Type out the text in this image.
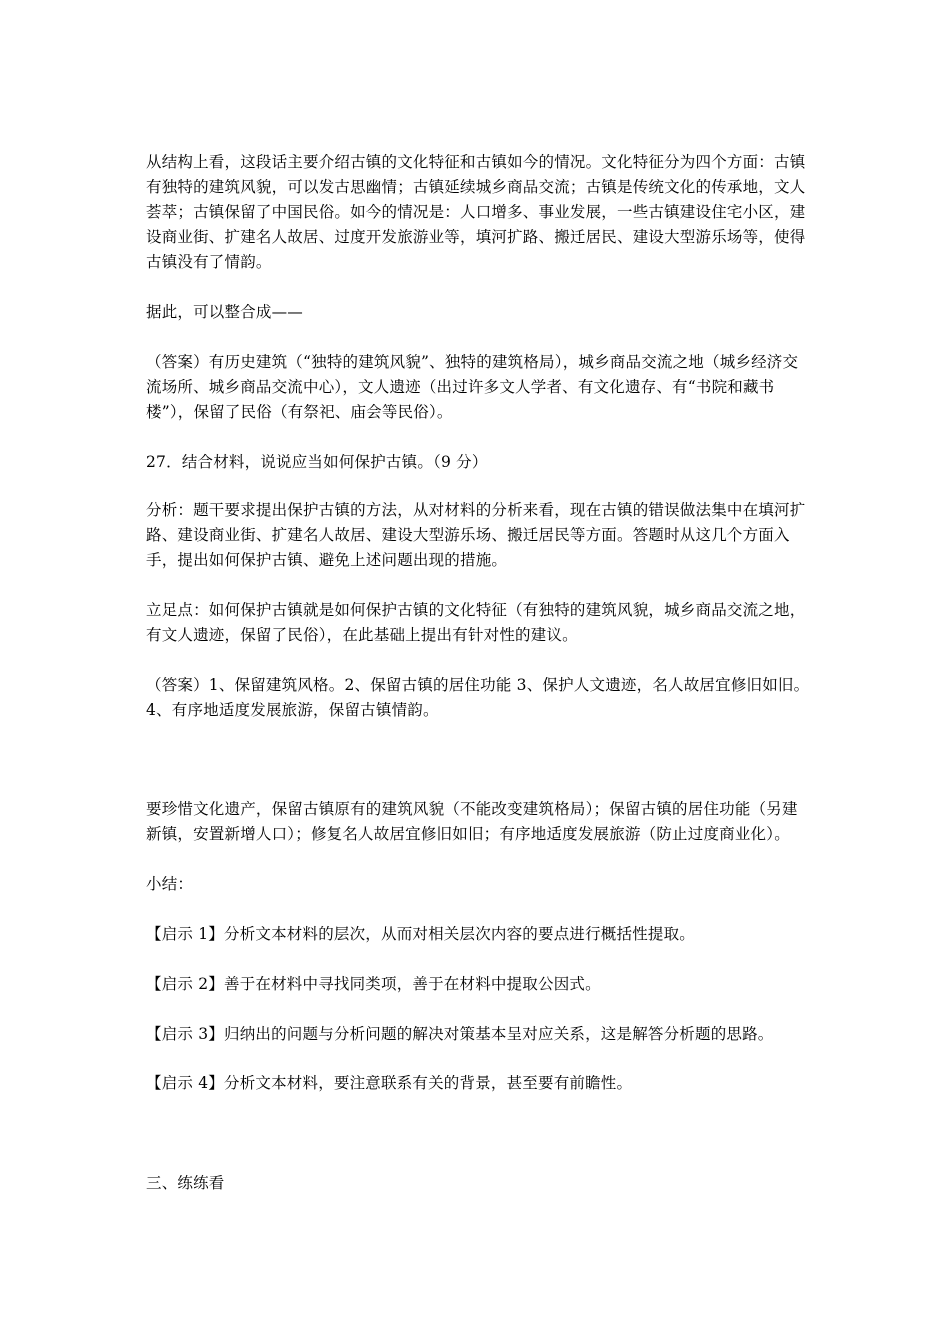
从结构上看，这段话主要介绍古镇的文化特征和古镇如今的情况。文化特征分为四个方面：古镇有独特的建筑风貌，可以发古思幽情；古镇延续城乡商品交流；古镇是传统文化的传承地，文人荟萃；古镇保留了中国民俗。如今的情况是：人口增多、事业发展，一些古镇建设住宅小区，建设商业街、扩建名人故居、过度开发旅游业等，填河扩路、搬迁居民、建设大型游乐场等，使得古镇没有了情韵。

据此，可以整合成——

（答案）有历史建筑（“独特的建筑风貌”、独特的建筑格局），城乡商品交流之地（城乡经济交流场所、城乡商品交流中心），文人遗迹（出过许多文人学者、有文化遗存、有“书院和藏书楼”），保留了民俗（有祭祀、庙会等民俗）。

27．结合材料，说说应当如何保护古镇。（9 分）

分析：题干要求提出保护古镇的方法，从对材料的分析来看，现在古镇的错误做法集中在填河扩路、建设商业街、扩建名人故居、建设大型游乐场、搬迁居民等方面。答题时从这几个方面入手，提出如何保护古镇、避免上述问题出现的措施。

立足点：如何保护古镇就是如何保护古镇的文化特征（有独特的建筑风貌，城乡商品交流之地，有文人遗迹，保留了民俗），在此基础上提出有针对性的建议。

（答案）1、保留建筑风格。2、保留古镇的居住功能 3、保护人文遗迹，名人故居宜修旧如旧。4、有序地适度发展旅游，保留古镇情韵。

要珍惜文化遗产，保留古镇原有的建筑风貌（不能改变建筑格局）；保留古镇的居住功能（另建新镇，安置新增人口）；修复名人故居宜修旧如旧；有序地适度发展旅游（防止过度商业化）。

小结：

【启示 1】分析文本材料的层次，从而对相关层次内容的要点进行概括性提取。

【启示 2】善于在材料中寻找同类项，善于在材料中提取公因式。

【启示 3】归纳出的问题与分析问题的解决对策基本呈对应关系，这是解答分析题的思路。

【启示 4】分析文本材料，要注意联系有关的背景，甚至要有前瞻性。

三、练练看
